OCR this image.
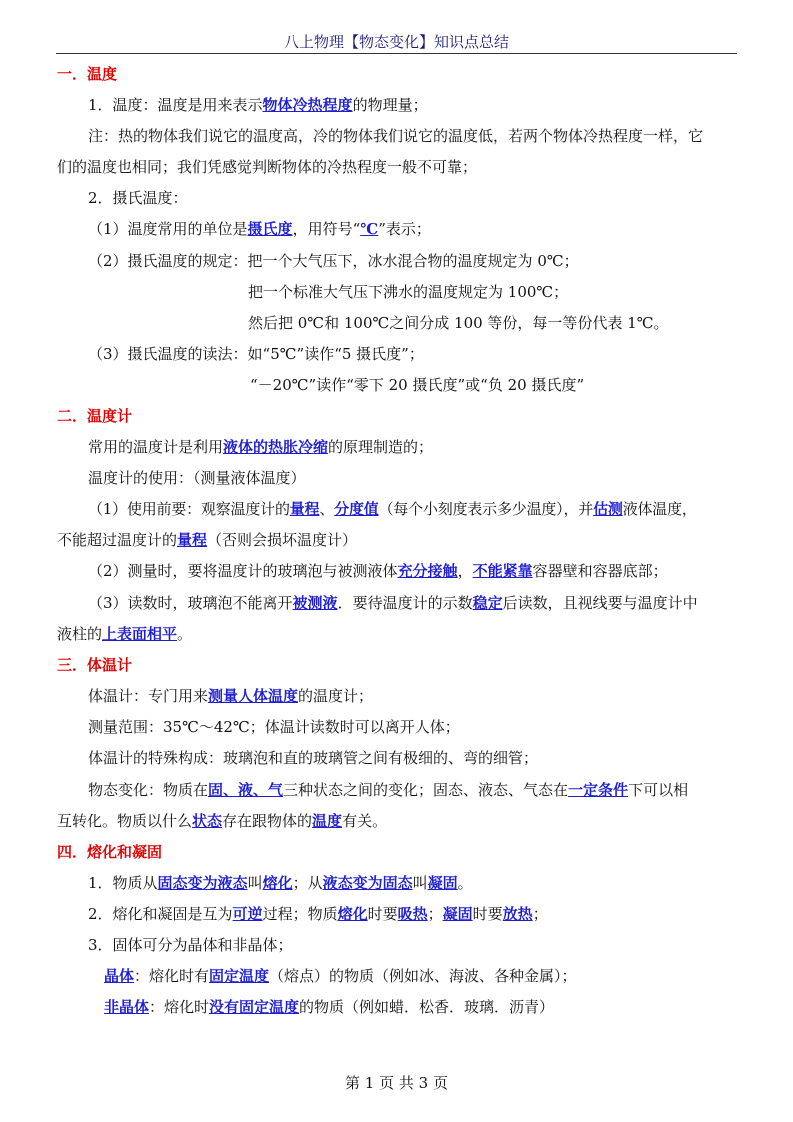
八上物理【物态变化】知识点总结
一．温度
1．温度：温度是用来表示物体冷热程度的物理量；
注：热的物体我们说它的温度高，冷的物体我们说它的温度低，若两个物体冷热程度一样，它
们的温度也相同；我们凭感觉判断物体的冷热程度一般不可靠；
2．摄氏温度：
（1）温度常用的单位是摄氏度，用符号“℃”表示；
（2）摄氏温度的规定：把一个大气压下，冰水混合物的温度规定为 0℃；
把一个标准大气压下沸水的温度规定为 100℃；
然后把 0℃和 100℃之间分成 100 等份，每一等份代表 1℃。
（3）摄氏温度的读法：如“5℃”读作“5 摄氏度”；
“－20℃”读作“零下 20 摄氏度”或“负 20 摄氏度”
二．温度计
常用的温度计是利用液体的热胀冷缩的原理制造的；
温度计的使用：（测量液体温度）
（1）使用前要：观察温度计的量程、分度值（每个小刻度表示多少温度），并估测液体温度，
不能超过温度计的量程（否则会损坏温度计）
（2）测量时，要将温度计的玻璃泡与被测液体充分接触，不能紧靠容器壁和容器底部；
（3）读数时，玻璃泡不能离开被测液．要待温度计的示数稳定后读数，且视线要与温度计中
液柱的上表面相平。
三．体温计
体温计：专门用来测量人体温度的温度计；
测量范围：35℃～42℃；体温计读数时可以离开人体；
体温计的特殊构成：玻璃泡和直的玻璃管之间有极细的、弯的细管；
物态变化：物质在固、液、气三种状态之间的变化；固态、液态、气态在一定条件下可以相
互转化。物质以什么状态存在跟物体的温度有关。
四．熔化和凝固
1．物质从固态变为液态叫熔化；从液态变为固态叫凝固。
2．熔化和凝固是互为可逆过程；物质熔化时要吸热；凝固时要放热；
3．固体可分为晶体和非晶体；
晶体：熔化时有固定温度（熔点）的物质（例如冰、海波、各种金属）；
非晶体：熔化时没有固定温度的物质（例如蜡．松香．玻璃．沥青）
第 1 页 共 3 页
